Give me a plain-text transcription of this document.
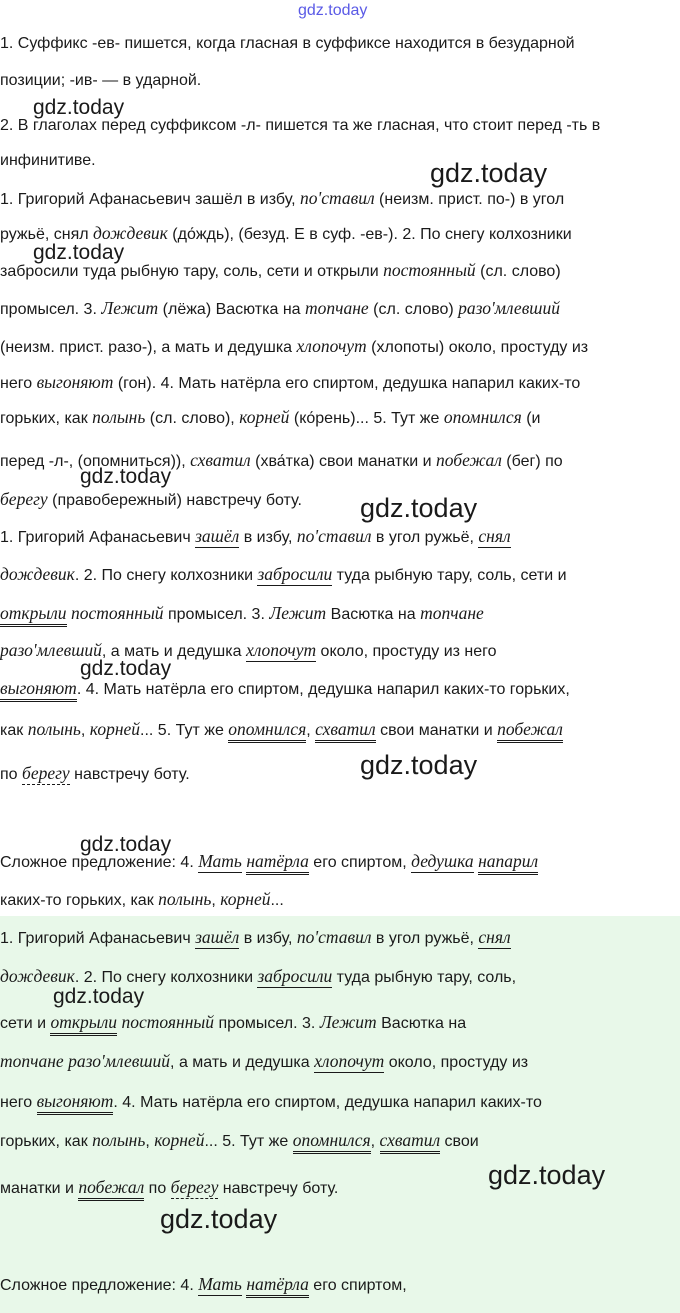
gdz.today
gdz.today
gdz.today
gdz.today
gdz.today
gdz.today
gdz.today
gdz.today
gdz.today
gdz.today
gdz.today
gdz.today
1. Суффикс -ев- пишется, когда гласная в суффиксе находится в безударной
позиции; -ив- — в ударной.
2. В глаголах перед суффиксом -л- пишется та же гласная, что стоит перед -ть в
инфинитиве.
1. Григорий Афанасьевич зашёл в избу, по'ставил (неизм. прист. по-) в угол
ружьё, снял дождевик (до́ждь), (безуд. Е в суф. -ев-). 2. По снегу колхозники
забросили туда рыбную тару, соль, сети и открыли постоянный (сл. слово)
промысел. 3. Лежит (лёжа) Васютка на топчане (сл. слово) разо'млевший
(неизм. прист. разо-), а мать и дедушка хлопочут (хлопоты) около, простуду из
него выгоняют (гон). 4. Мать натёрла его спиртом, дедушка напарил каких-то
горьких, как полынь (сл. слово), корней (ко́рень)... 5. Тут же опомнился (и
перед -л-, (опомниться)), схватил (хва́тка) свои манатки и побежал (бег) по
берегу (правобережный) навстречу боту.
1. Григорий Афанасьевич зашёл в избу, по'ставил в угол ружьё, снял
дождевик. 2. По снегу колхозники забросили туда рыбную тару, соль, сети и
открыли постоянный промысел. 3. Лежит Васютка на топчане
разо'млевший, а мать и дедушка хлопочут около, простуду из него
выгоняют. 4. Мать натёрла его спиртом, дедушка напарил каких-то горьких,
как полынь, корней... 5. Тут же опомнился, схватил свои манатки и побежал
по берегу навстречу боту.
Сложное предложение: 4. Мать натёрла его спиртом, дедушка напарил
каких-то горьких, как полынь, корней...
1. Григорий Афанасьевич зашёл в избу, по'ставил в угол ружьё, снял
дождевик. 2. По снегу колхозники забросили туда рыбную тару, соль,
сети и открыли постоянный промысел. 3. Лежит Васютка на
топчане разо'млевший, а мать и дедушка хлопочут около, простуду из
него выгоняют. 4. Мать натёрла его спиртом, дедушка напарил каких-то
горьких, как полынь, корней... 5. Тут же опомнился, схватил свои
манатки и побежал по берегу навстречу боту.
Сложное предложение: 4. Мать натёрла его спиртом,
